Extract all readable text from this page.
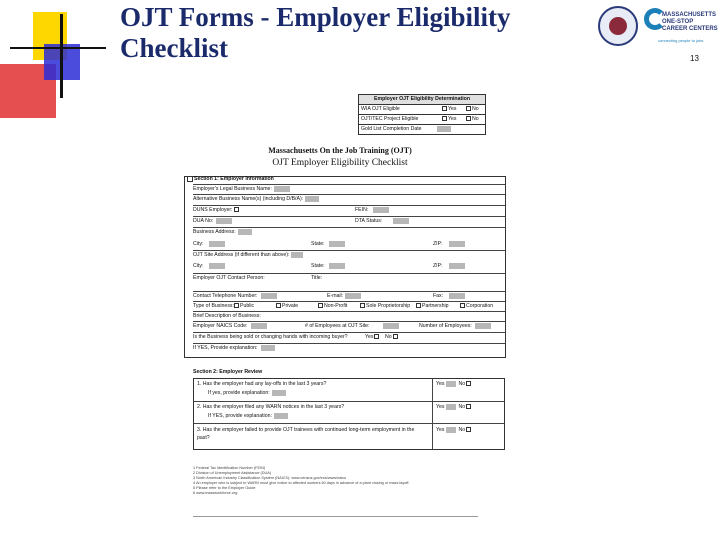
OJT Forms - Employer Eligibility
Checklist
MASSACHUSETTS
ONE-STOP
CAREER CENTERS
connecting people to jobs
13
Employer OJT Eligibility Determination
WIA OJT Eligible	Yes	No
OJT/TEC Project Eligible	Yes	No
Gold List Completion Date
Massachusetts On the Job Training (OJT)
OJT Employer Eligibility Checklist
Section 1: Employer Information
Employer's Legal Business Name:
Alternative Business Name(s) (including D/B/A):
DUNS Employer:	FEIN:
DUA No:	DTA Status:
Business Address:
City:	State:	ZIP:
OJT Site Address (if different than above):
City:	State:	ZIP:
Employer OJT Contact Person:	Title:
Contact Telephone Number:	E-mail:	Fax:
Type of Business:	Public	Private	Non-Profit	Sole Proprietorship	Partnership	Corporation
Brief Description of Business:
Employer NAICS Code:	# of Employees at OJT Site:	Number of Employees:
Is the Business being sold or changing hands with incoming buyer?	Yes	No
If YES, Provide explanation:
Section 2: Employer Review
1. Has the employer had any lay-offs in the last 3 years?
If yes, provide explanation:
Yes	No
2. Has the employer filed any WARN notices in the last 3 years?
If YES, provide explanation:
Yes	No
3. Has the employer failed to provide OJT trainees with continued long-term employment in the past?
Yes	No
1 Federal Tax Identification Number (FEIN)
2 Division of Unemployment Assistance (DUA)
3 North American Industry Classification System (NAICS): www.census.gov/eos/www/naics
4 An employer who is subject to WARN must give notice to affected workers 60 days in advance of a plant closing or mass layoff.
5 Please refer to the Employer Guide
6 www.massworkforce.org
